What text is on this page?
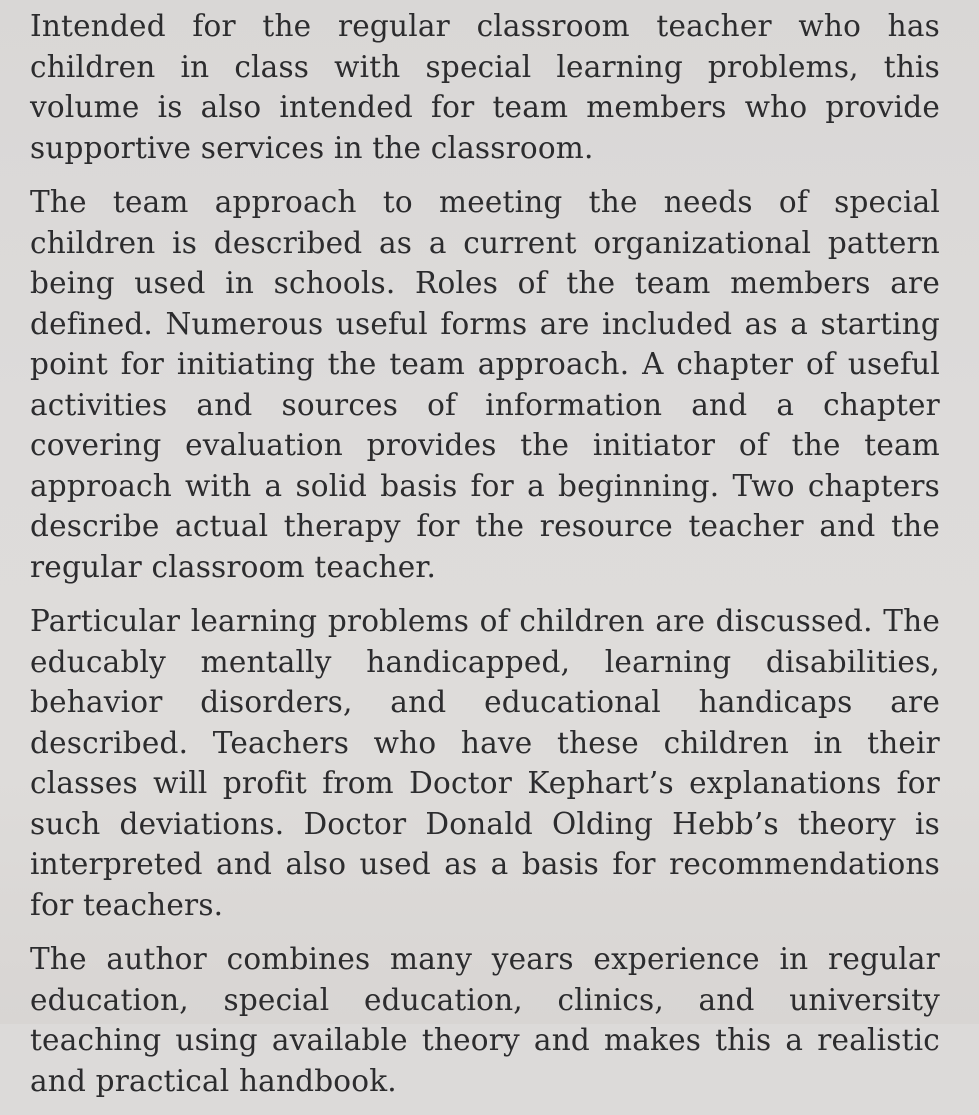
Intended for the regular classroom teacher who has children in class with special learning problems, this volume is also intended for team members who provide supportive services in the classroom.

The team approach to meeting the needs of special children is described as a current organizational pattern being used in schools. Roles of the team members are defined. Numerous useful forms are included as a starting point for initiating the team approach. A chapter of useful activities and sources of information and a chapter covering evaluation provides the initiator of the team approach with a solid basis for a beginning. Two chapters describe actual therapy for the resource teacher and the regular classroom teacher.

Particular learning problems of children are discussed. The educably mentally handicapped, learning disabilities, behavior disorders, and educational handicaps are described. Teachers who have these children in their classes will profit from Doctor Kephart’s explanations for such deviations. Doctor Donald Olding Hebb’s theory is interpreted and also used as a basis for recommendations for teachers.

The author combines many years experience in regular education, special education, clinics, and university teaching using available theory and makes this a realistic and practical handbook.
